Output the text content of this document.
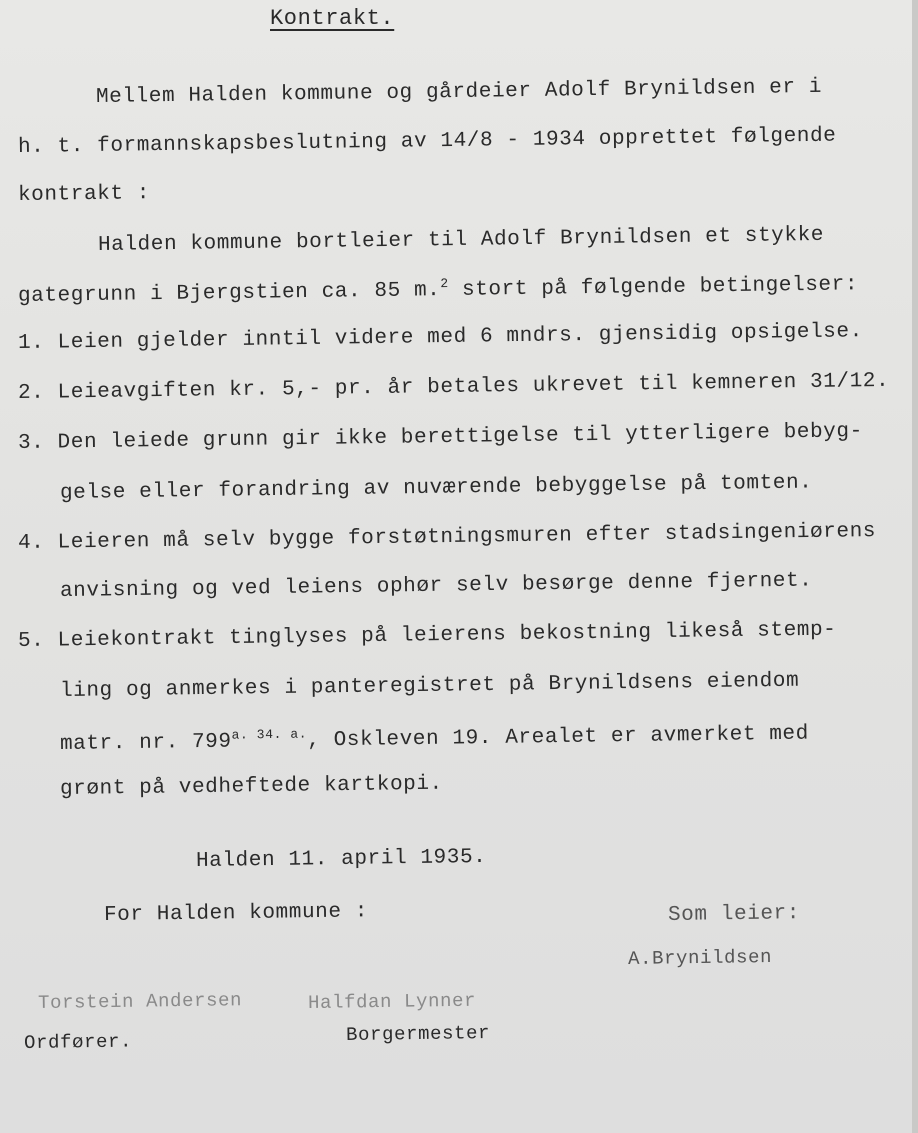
Kontrakt.
Mellem Halden kommune og gårdeier Adolf Brynildsen er i
h. t. formannskapsbeslutning av 14/8 - 1934 opprettet følgende
kontrakt :
Halden kommune bortleier til Adolf Brynildsen et stykke
gategrunn i Bjergstien ca. 85 m.$^2$ stort på følgende betingelser:
1. Leien gjelder inntil videre med 6 mndrs. gjensidig opsigelse.
2. Leieavgiften kr. 5,- pr. år betales ukrevet til kemneren 31/12.
3. Den leiede grunn gir ikke berettigelse til ytterligere bebyg-
gelse eller forandring av nuværende bebyggelse på tomten.
4. Leieren må selv bygge forstøtningsmuren efter stadsingeniørens
anvisning og ved leiens ophør selv besørge denne fjernet.
5. Leiekontrakt tinglyses på leierens bekostning likeså stemp-
ling og anmerkes i panteregistret på Brynildsens eiendom
matr. nr. $799^{a. 34. a.}$, Oskleven 19. Arealet er avmerket med
grønt på vedheftede kartkopi.
Halden 11. april 1935.
For Halden kommune :	Som leier:
A.Brynildsen
Torstein Andersen	Halfdan Lynner
Ordfører.	Borgermester
